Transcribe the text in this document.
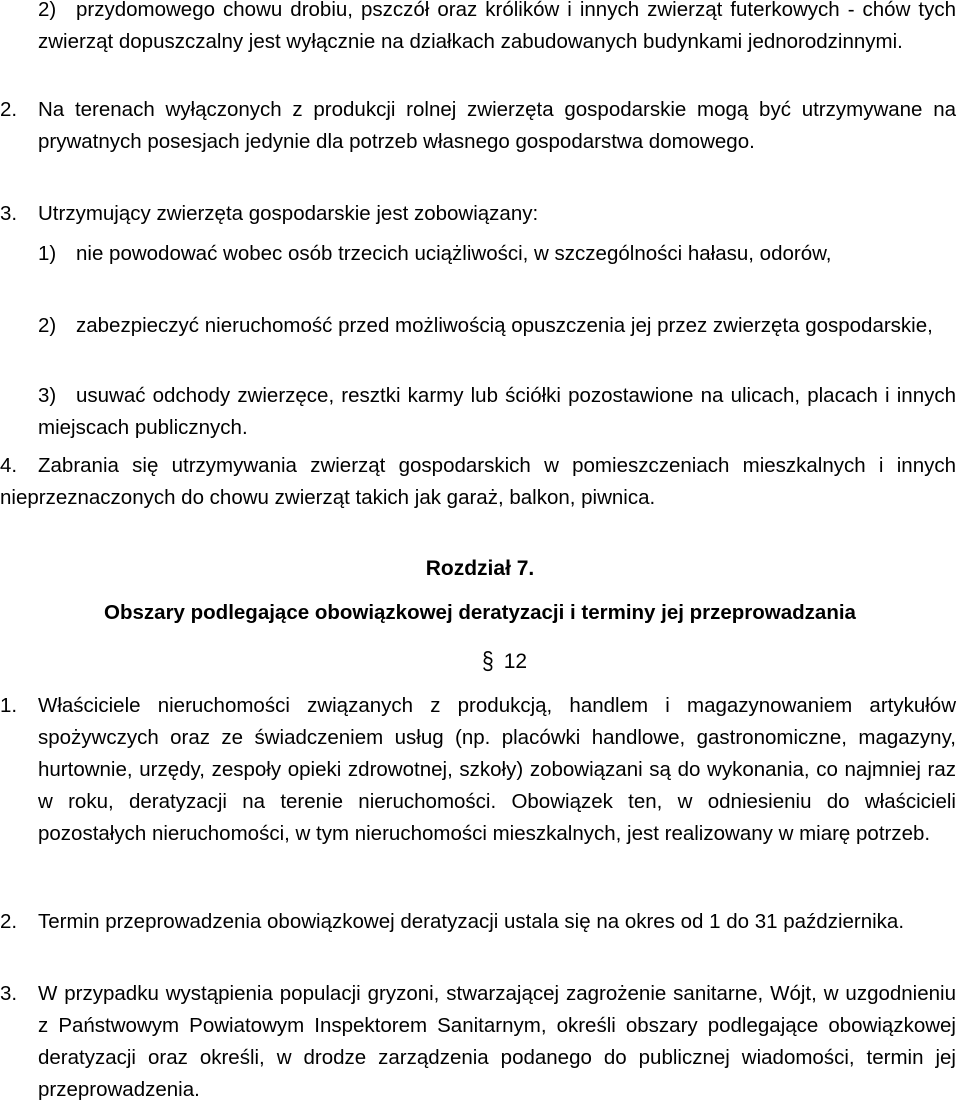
2) przydomowego chowu drobiu, pszczół oraz królików i innych zwierząt futerkowych - chów tych zwierząt dopuszczalny jest wyłącznie na działkach zabudowanych budynkami jednorodzinnymi.
2.	Na terenach wyłączonych z produkcji rolnej zwierzęta gospodarskie mogą być utrzymywane na prywatnych posesjach jedynie dla potrzeb własnego gospodarstwa domowego.
3.	Utrzymujący zwierzęta gospodarskie jest zobowiązany:
1) nie powodować wobec osób trzecich uciążliwości, w szczególności hałasu, odorów,
2) zabezpieczyć nieruchomość przed możliwością opuszczenia jej przez zwierzęta gospodarskie,
3) usuwać odchody zwierzęce, resztki karmy lub ściółki pozostawione na ulicach, placach i innych miejscach publicznych.
4.	Zabrania się utrzymywania zwierząt gospodarskich w pomieszczeniach mieszkalnych i innych nieprzeznaczonych do chowu zwierząt takich jak garaż, balkon, piwnica.
Rozdział 7.
Obszary podlegające obowiązkowej deratyzacji i terminy jej przeprowadzania
§ 12
1.	Właściciele nieruchomości związanych z produkcją, handlem i magazynowaniem artykułów spożywczych oraz ze świadczeniem usług (np. placówki handlowe, gastronomiczne, magazyny, hurtownie, urzędy, zespoły opieki zdrowotnej, szkoły) zobowiązani są do wykonania, co najmniej raz w roku, deratyzacji na terenie nieruchomości. Obowiązek ten, w odniesieniu do właścicieli pozostałych nieruchomości, w tym nieruchomości mieszkalnych, jest realizowany w miarę potrzeb.
2.	Termin przeprowadzenia obowiązkowej deratyzacji ustala się na okres od 1 do 31 października.
3.	W przypadku wystąpienia populacji gryzoni, stwarzającej zagrożenie sanitarne, Wójt, w uzgodnieniu z Państwowym Powiatowym Inspektorem Sanitarnym, określi obszary podlegające obowiązkowej deratyzacji oraz określi, w drodze zarządzenia podanego do publicznej wiadomości, termin jej przeprowadzenia.
